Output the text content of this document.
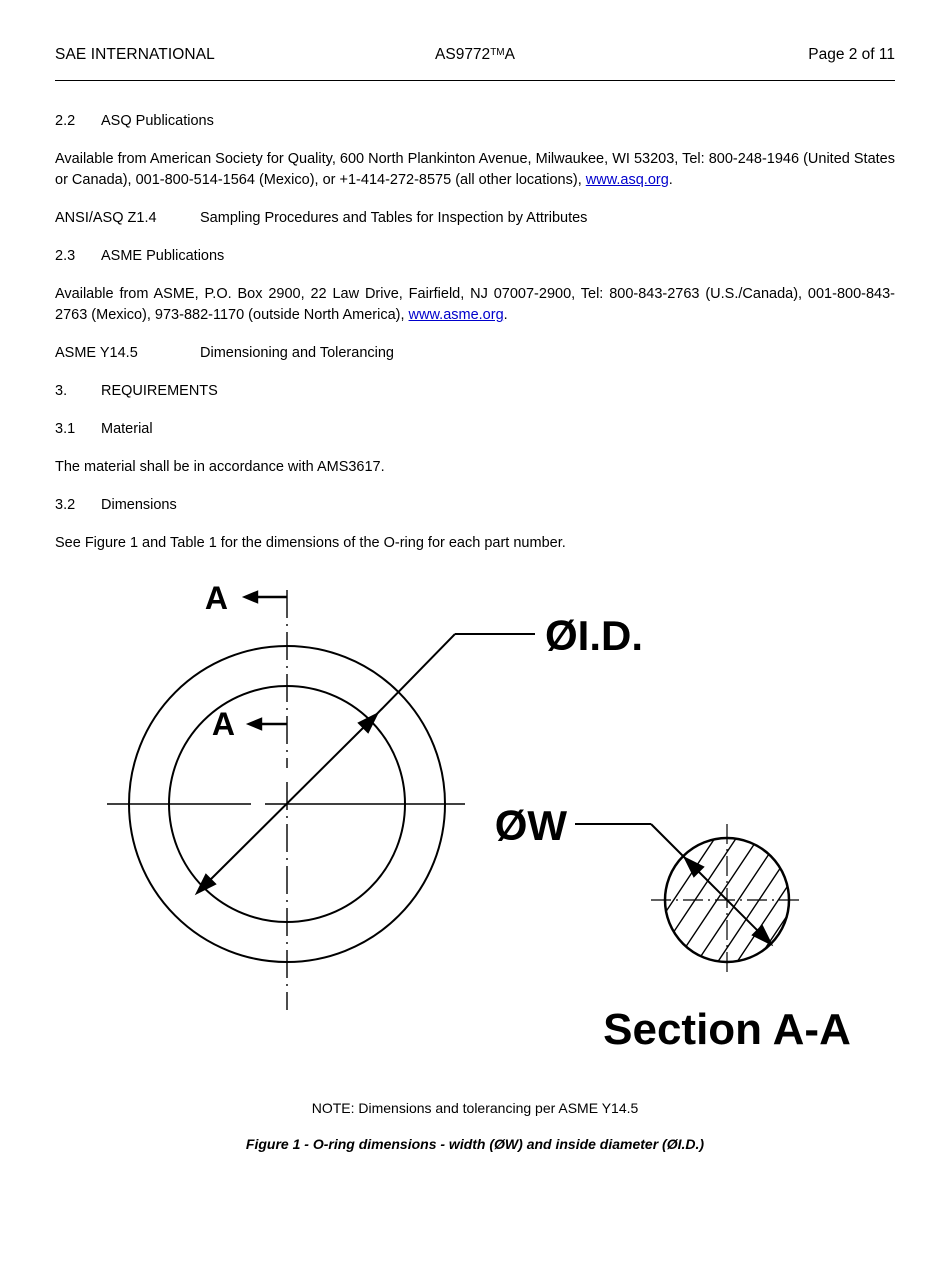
SAE INTERNATIONAL	AS9772™A	Page 2 of 11

2.2 ASQ Publications

Available from American Society for Quality, 600 North Plankinton Avenue, Milwaukee, WI 53203, Tel: 800-248-1946 (United States or Canada), 001-800-514-1564 (Mexico), or +1-414-272-8575 (all other locations), www.asq.org.

ANSI/ASQ Z1.4	Sampling Procedures and Tables for Inspection by Attributes

2.3 ASME Publications

Available from ASME, P.O. Box 2900, 22 Law Drive, Fairfield, NJ 07007-2900, Tel: 800-843-2763 (U.S./Canada), 001-800-843-2763 (Mexico), 973-882-1170 (outside North America), www.asme.org.

ASME Y14.5	Dimensioning and Tolerancing

3. REQUIREMENTS

3.1 Material

The material shall be in accordance with AMS3617.

3.2 Dimensions

See Figure 1 and Table 1 for the dimensions of the O-ring for each part number.

A
A
ØI.D.
ØW
Section A-A
NOTE: Dimensions and tolerancing per ASME Y14.5
Figure 1 - O-ring dimensions - width (ØW) and inside diameter (ØI.D.)
